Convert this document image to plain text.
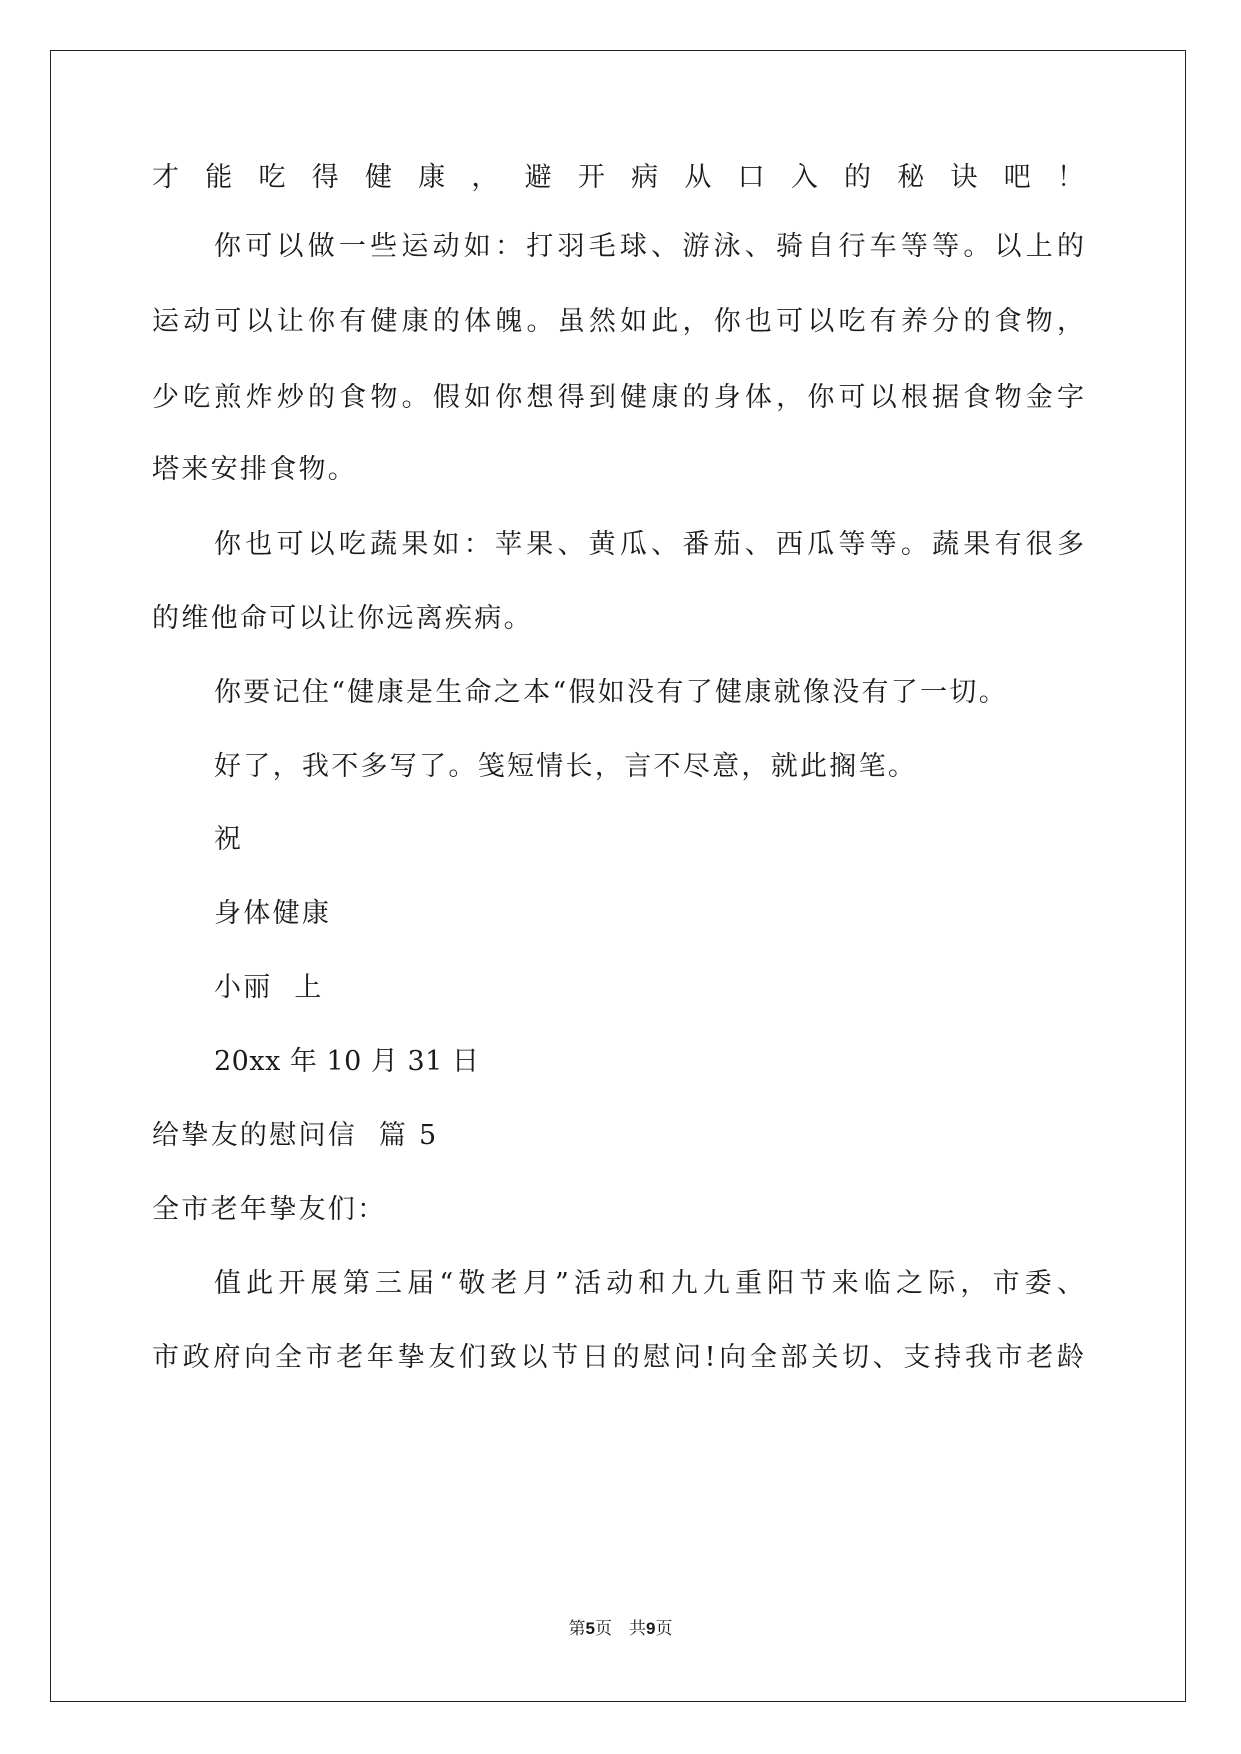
才能吃得健康，避开病从口入的秘诀吧！
你可以做一些运动如：打羽毛球、游泳、骑自行车等等。以上的
运动可以让你有健康的体魄。虽然如此，你也可以吃有养分的食物，
少吃煎炸炒的食物。假如你想得到健康的身体，你可以根据食物金字
塔来安排食物。
你也可以吃蔬果如：苹果、黄瓜、番茄、西瓜等等。蔬果有很多
的维他命可以让你远离疾病。
你要记住“健康是生命之本“假如没有了健康就像没有了一切。
好了，我不多写了。笺短情长，言不尽意，就此搁笔。
祝
身体健康
小丽  上
20xx 年 10 月 31 日
给挚友的慰问信  篇 5
全市老年挚友们：
值此开展第三届“敬老月”活动和九九重阳节来临之际，市委、
市政府向全市老年挚友们致以节日的慰问!向全部关切、支持我市老龄
第5页　共9页
